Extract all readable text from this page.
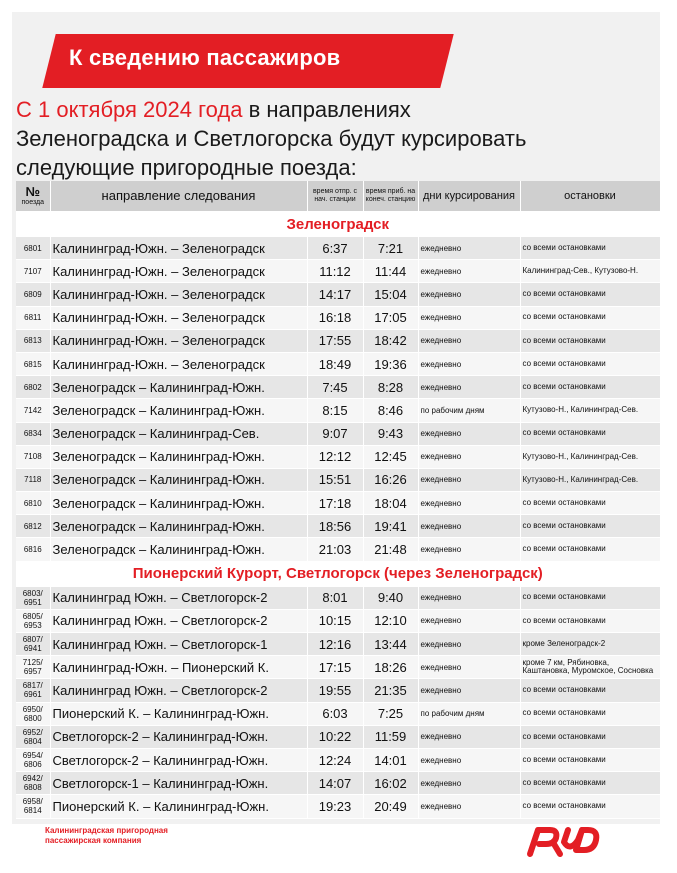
К сведению пассажиров
С 1 октября 2024 года в направлениях
Зеленоградска и Светлогорска будут курсировать
следующие пригородные поезда:
№
поезда	направление следования	время отпр. с нач. станции	время приб. на конеч. станцию	дни курсирования	остановки
Зеленоградск					
6801	Калининград-Южн. – Зеленоградск	6:37	7:21	ежедневно	со всеми остановками
7107	Калининград-Южн. – Зеленоградск	11:12	11:44	ежедневно	Калининград-Сев., Кутузово-Н.
6809	Калининград-Южн. – Зеленоградск	14:17	15:04	ежедневно	со всеми остановками
6811	Калининград-Южн. – Зеленоградск	16:18	17:05	ежедневно	со всеми остановками
6813	Калининград-Южн. – Зеленоградск	17:55	18:42	ежедневно	со всеми остановками
6815	Калининград-Южн. – Зеленоградск	18:49	19:36	ежедневно	со всеми остановками
6802	Зеленоградск – Калининград-Южн.	7:45	8:28	ежедневно	со всеми остановками
7142	Зеленоградск – Калининград-Южн.	8:15	8:46	по рабочим дням	Кутузово-Н., Калининград-Сев.
6834	Зеленоградск – Калининград-Сев.	9:07	9:43	ежедневно	со всеми остановками
7108	Зеленоградск – Калининград-Южн.	12:12	12:45	ежедневно	Кутузово-Н., Калининград-Сев.
7118	Зеленоградск – Калининград-Южн.	15:51	16:26	ежедневно	Кутузово-Н., Калининград-Сев.
6810	Зеленоградск – Калининград-Южн.	17:18	18:04	ежедневно	со всеми остановками
6812	Зеленоградск – Калининград-Южн.	18:56	19:41	ежедневно	со всеми остановками
6816	Зеленоградск – Калининград-Южн.	21:03	21:48	ежедневно	со всеми остановками
Пионерский Курорт, Светлогорск (через Зеленоградск)					
6803/ 6951	Калининград Южн. – Светлогорск-2	8:01	9:40	ежедневно	со всеми остановками
6805/ 6953	Калининград Южн. – Светлогорск-2	10:15	12:10	ежедневно	со всеми остановками
6807/ 6941	Калининград Южн. – Светлогорск-1	12:16	13:44	ежедневно	кроме Зеленоградск-2
7125/ 6957	Калининград-Южн. – Пионерский К.	17:15	18:26	ежедневно	кроме 7 км, Рябиновка, Каштановка, Муромское, Сосновка
6817/ 6961	Калининград Южн. – Светлогорск-2	19:55	21:35	ежедневно	со всеми остановками
6950/ 6800	Пионерский К. – Калининград-Южн.	6:03	7:25	по рабочим дням	со всеми остановками
6952/ 6804	Светлогорск-2 – Калининград-Южн.	10:22	11:59	ежедневно	со всеми остановками
6954/ 6806	Светлогорск-2 – Калининград-Южн.	12:24	14:01	ежедневно	со всеми остановками
6942/ 6808	Светлогорск-1 – Калининград-Южн.	14:07	16:02	ежедневно	со всеми остановками
6958/ 6814	Пионерский К. – Калининград-Южн.	19:23	20:49	ежедневно	со всеми остановками
Калининградская пригородная
пассажирская компания
